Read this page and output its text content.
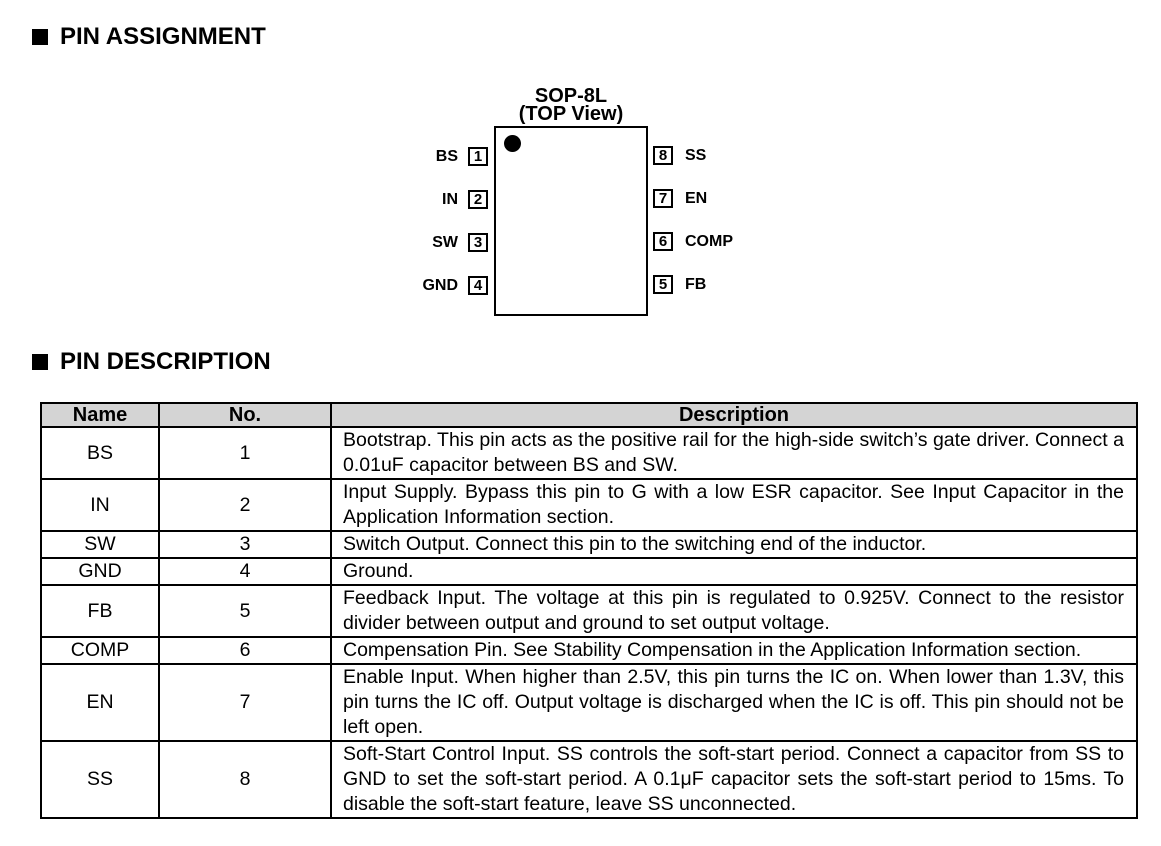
PIN ASSIGNMENT
SOP-8L
(TOP View)
BS	1
IN	2
SW	3
GND	4
8	SS
7	EN
6	COMP
5	FB
PIN DESCRIPTION
Name	No.	Description
BS	1	Bootstrap. This pin acts as the positive rail for the high-side switch’s gate driver. Connect a 0.01uF capacitor between BS and SW.
IN	2	Input Supply. Bypass this pin to G with a low ESR capacitor. See Input Capacitor in the Application Information section.
SW	3	Switch Output. Connect this pin to the switching end of the inductor.
GND	4	Ground.
FB	5	Feedback Input. The voltage at this pin is regulated to 0.925V. Connect to the resistor divider between output and ground to set output voltage.
COMP	6	Compensation Pin. See Stability Compensation in the Application Information section.
EN	7	Enable Input. When higher than 2.5V, this pin turns the IC on. When lower than 1.3V, this pin turns the IC off. Output voltage is discharged when the IC is off. This pin should not be left open.
SS	8	Soft-Start Control Input. SS controls the soft-start period. Connect a capacitor from SS to GND to set the soft-start period. A 0.1μF capacitor sets the soft-start period to 15ms. To disable the soft-start feature, leave SS unconnected.
